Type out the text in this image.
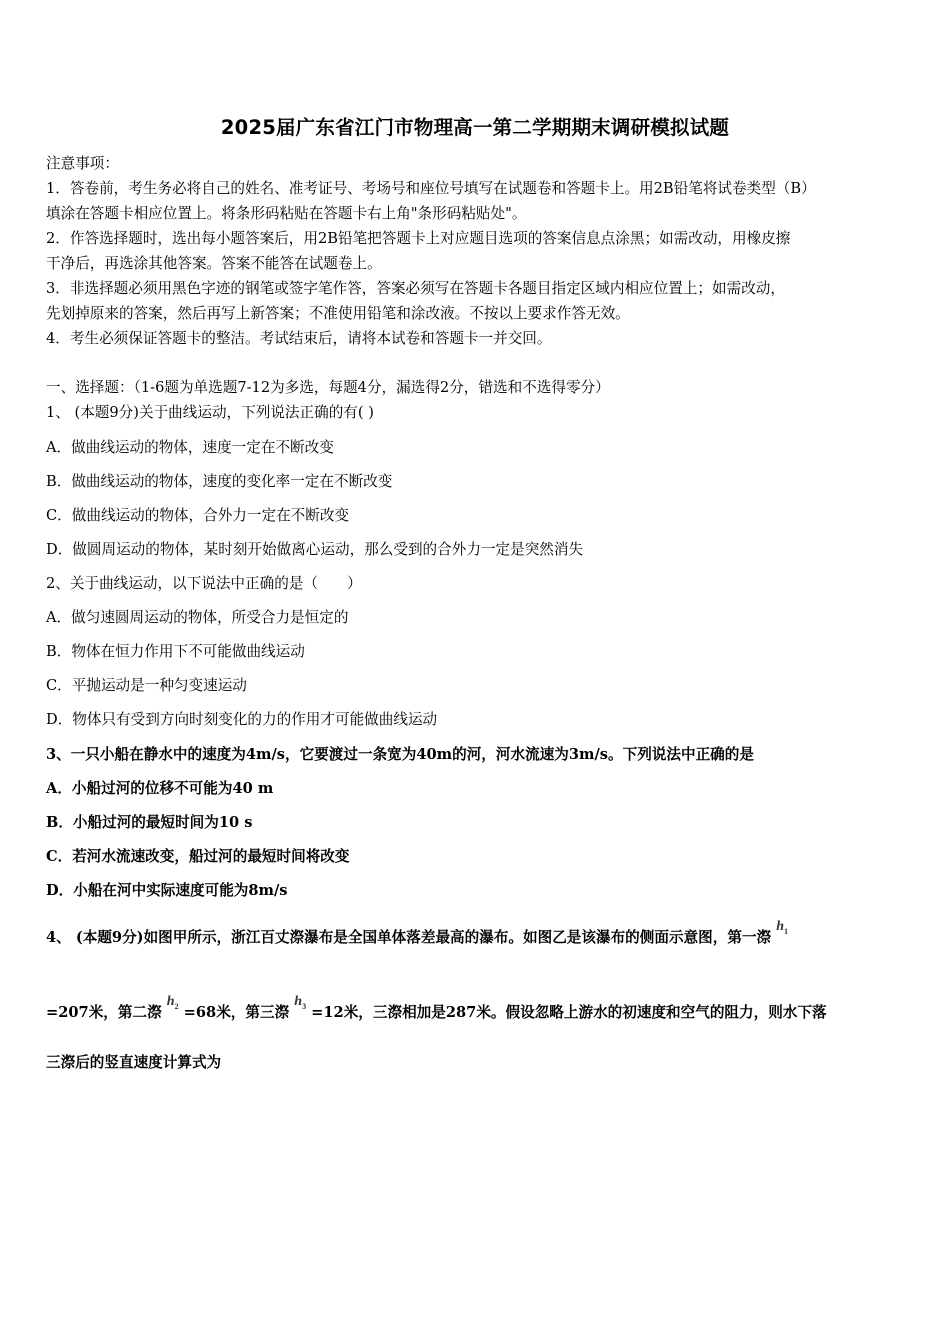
2025届广东省江门市物理高一第二学期期末调研模拟试题
注意事项：
1．答卷前，考生务必将自己的姓名、准考证号、考场号和座位号填写在试题卷和答题卡上。用2B铅笔将试卷类型（B）
填涂在答题卡相应位置上。将条形码粘贴在答题卡右上角"条形码粘贴处"。
2．作答选择题时，选出每小题答案后，用2B铅笔把答题卡上对应题目选项的答案信息点涂黑；如需改动，用橡皮擦
干净后，再选涂其他答案。答案不能答在试题卷上。
3．非选择题必须用黑色字迹的钢笔或签字笔作答，答案必须写在答题卡各题目指定区域内相应位置上；如需改动，
先划掉原来的答案，然后再写上新答案；不准使用铅笔和涂改液。不按以上要求作答无效。
4．考生必须保证答题卡的整洁。考试结束后，请将本试卷和答题卡一并交回。
一、选择题：（1-6题为单选题7-12为多选，每题4分，漏选得2分，错选和不选得零分）
1、 (本题9分)关于曲线运动，下列说法正确的有( )
A．做曲线运动的物体，速度一定在不断改变
B．做曲线运动的物体，速度的变化率一定在不断改变
C．做曲线运动的物体，合外力一定在不断改变
D．做圆周运动的物体，某时刻开始做离心运动，那么受到的合外力一定是突然消失
2、关于曲线运动，以下说法中正确的是（　　）
A．做匀速圆周运动的物体，所受合力是恒定的
B．物体在恒力作用下不可能做曲线运动
C．平抛运动是一种匀变速运动
D．物体只有受到方向时刻变化的力的作用才可能做曲线运动
3、一只小船在静水中的速度为4m/s，它要渡过一条宽为40m的河，河水流速为3m/s。下列说法中正确的是
A．小船过河的位移不可能为40 m
B．小船过河的最短时间为10 s
C．若河水流速改变，船过河的最短时间将改变
D．小船在河中实际速度可能为8m/s
4、 (本题9分)如图甲所示，浙江百丈漈瀑布是全国单体落差最高的瀑布。如图乙是该瀑布的侧面示意图，第一漈 $h_1$
=207米，第二漈 $h_2 =68$米，第三漈 $h_3 =12$米，三漈相加是287米。假设忽略上游水的初速度和空气的阻力，则水下落
三漈后的竖直速度计算式为
